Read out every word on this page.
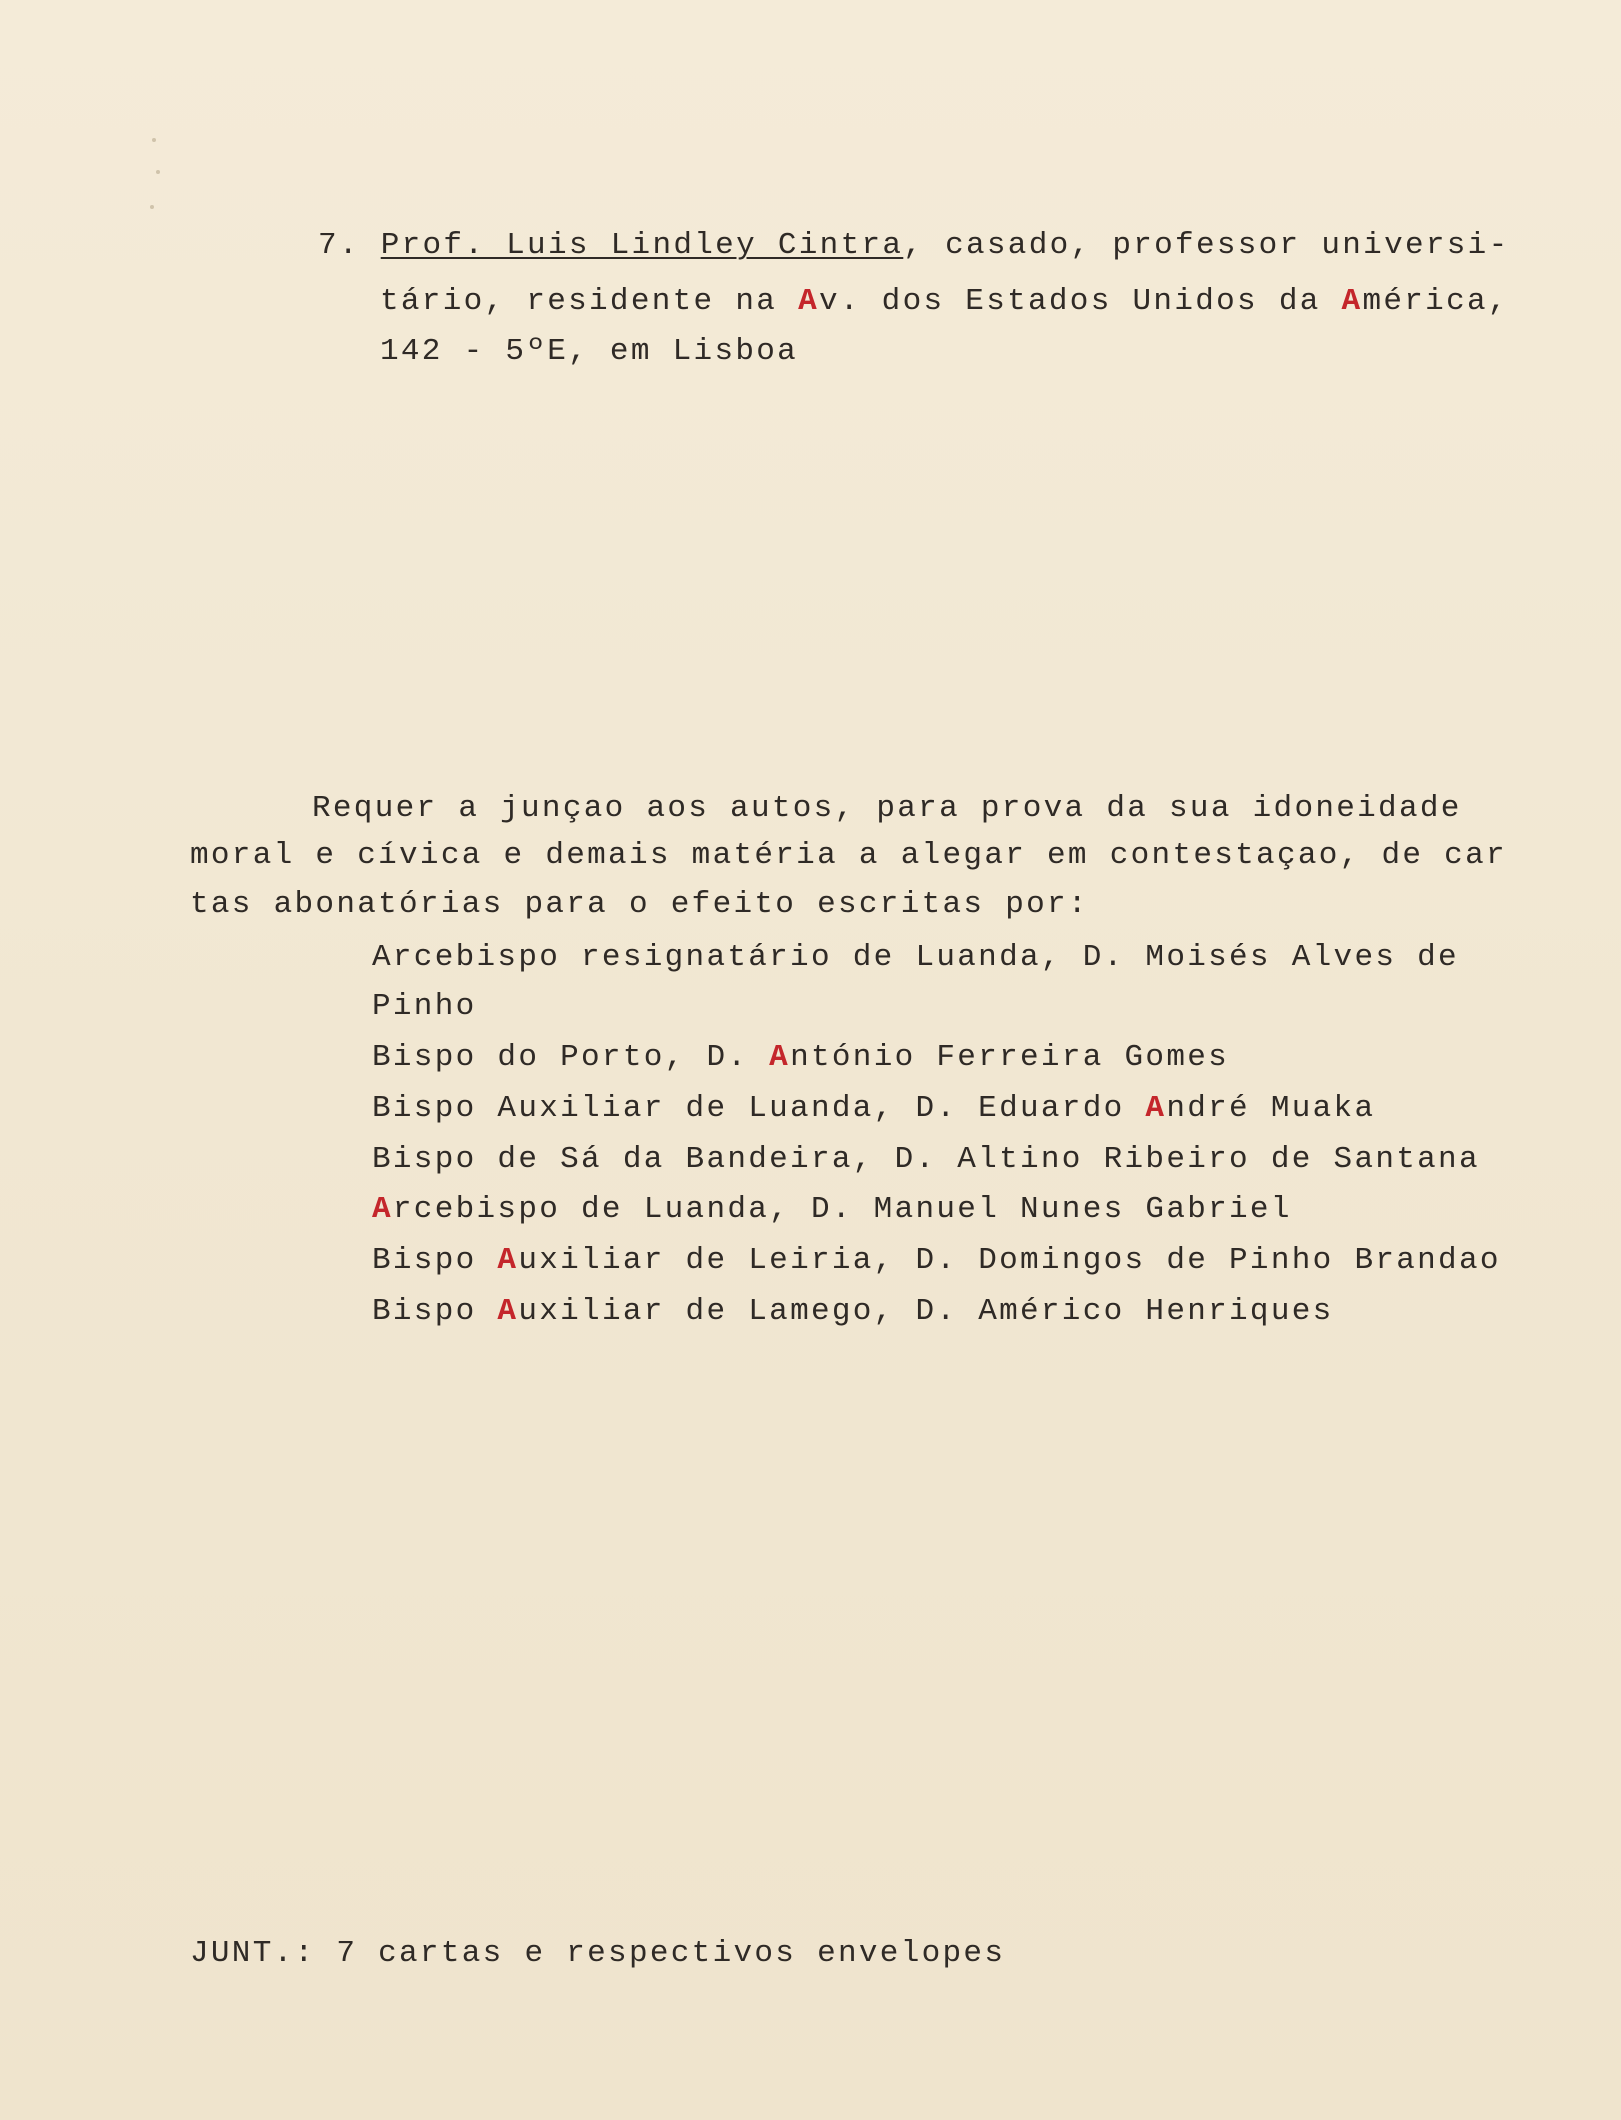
7. Prof. Luis Lindley Cintra, casado, professor universi-
tário, residente na Av. dos Estados Unidos da América,
142 - 5ºE, em Lisboa
Requer a junçao aos autos, para prova da sua idoneidade
moral e cívica e demais matéria a alegar em contestaçao, de car
tas abonatórias para o efeito escritas por:
Arcebispo resignatário de Luanda, D. Moisés Alves de
Pinho
Bispo do Porto, D. António Ferreira Gomes
Bispo Auxiliar de Luanda, D. Eduardo André Muaka
Bispo de Sá da Bandeira, D. Altino Ribeiro de Santana
Arcebispo de Luanda, D. Manuel Nunes Gabriel
Bispo Auxiliar de Leiria, D. Domingos de Pinho Brandao
Bispo Auxiliar de Lamego, D. Américo Henriques
JUNT.: 7 cartas e respectivos envelopes
